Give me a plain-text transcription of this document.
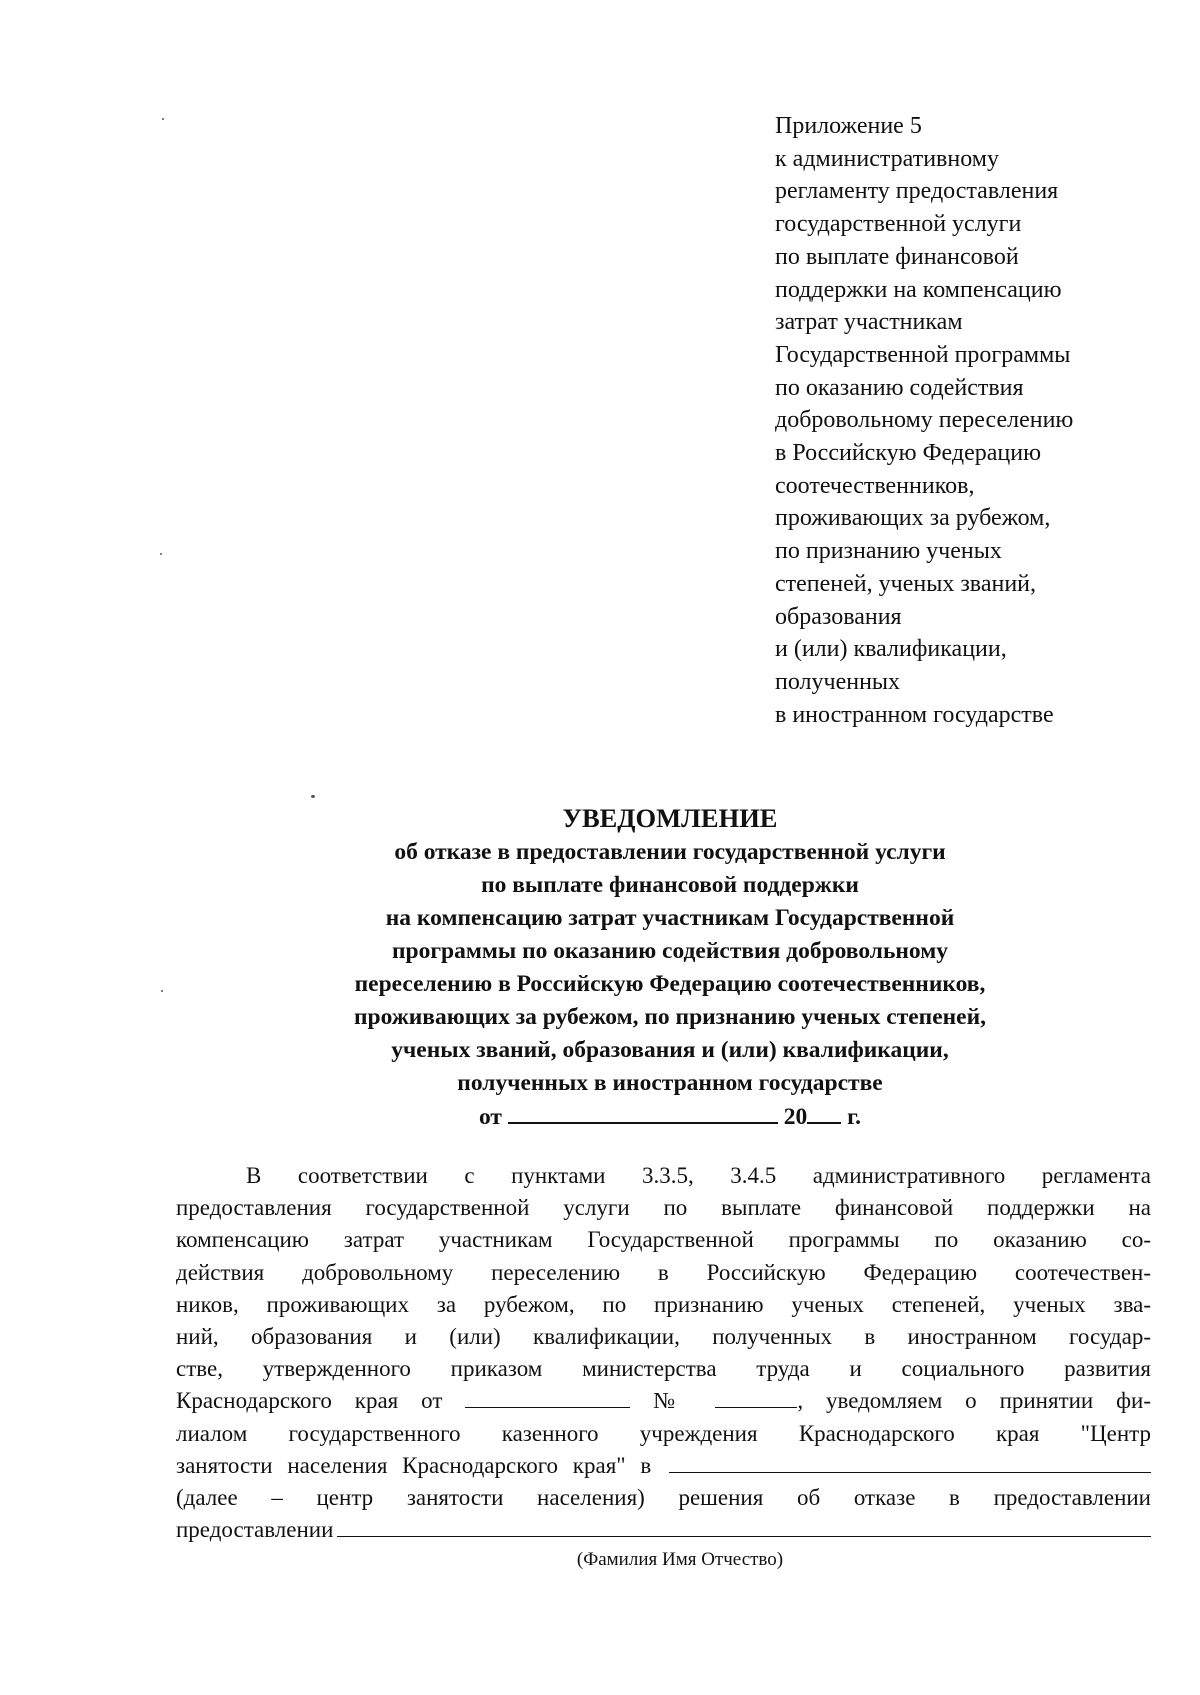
Приложение 5
к административному
регламенту предоставления
государственной услуги
по выплате финансовой
поддержки на компенсацию
затрат участникам
Государственной программы
по оказанию содействия
добровольному переселению
в Российскую Федерацию
соотечественников,
проживающих за рубежом,
по признанию ученых
степеней, ученых званий,
образования
и (или) квалификации,
полученных
в иностранном государстве
УВЕДОМЛЕНИЕ
об отказе в предоставлении государственной услуги
по выплате финансовой поддержки
на компенсацию затрат участникам Государственной
программы по оказанию содействия добровольному
переселению в Российскую Федерацию соотечественников,
проживающих за рубежом, по признанию ученых степеней,
ученых званий, образования и (или) квалификации,
полученных в иностранном государстве
от	20 г.
В соответствии с пунктами 3.3.5, 3.4.5 административного регламента
предоставления государственной услуги по выплате финансовой поддержки на
компенсацию затрат участникам Государственной программы по оказанию со-
действия добровольному переселению в Российскую Федерацию соотечествен-
ников, проживающих за рубежом, по признанию ученых степеней, ученых зва-
ний, образования и (или) квалификации, полученных в иностранном государ-
стве, утвержденного приказом министерства труда и социального развития
Краснодарского края от	№	, уведомляем о принятии фи-
лиалом государственного казенного учреждения Краснодарского края "Центр
занятости населения Краснодарского края" в
(далее – центр занятости населения) решения об отказе в предоставлении
предоставлении
(Фамилия Имя Отчество)
